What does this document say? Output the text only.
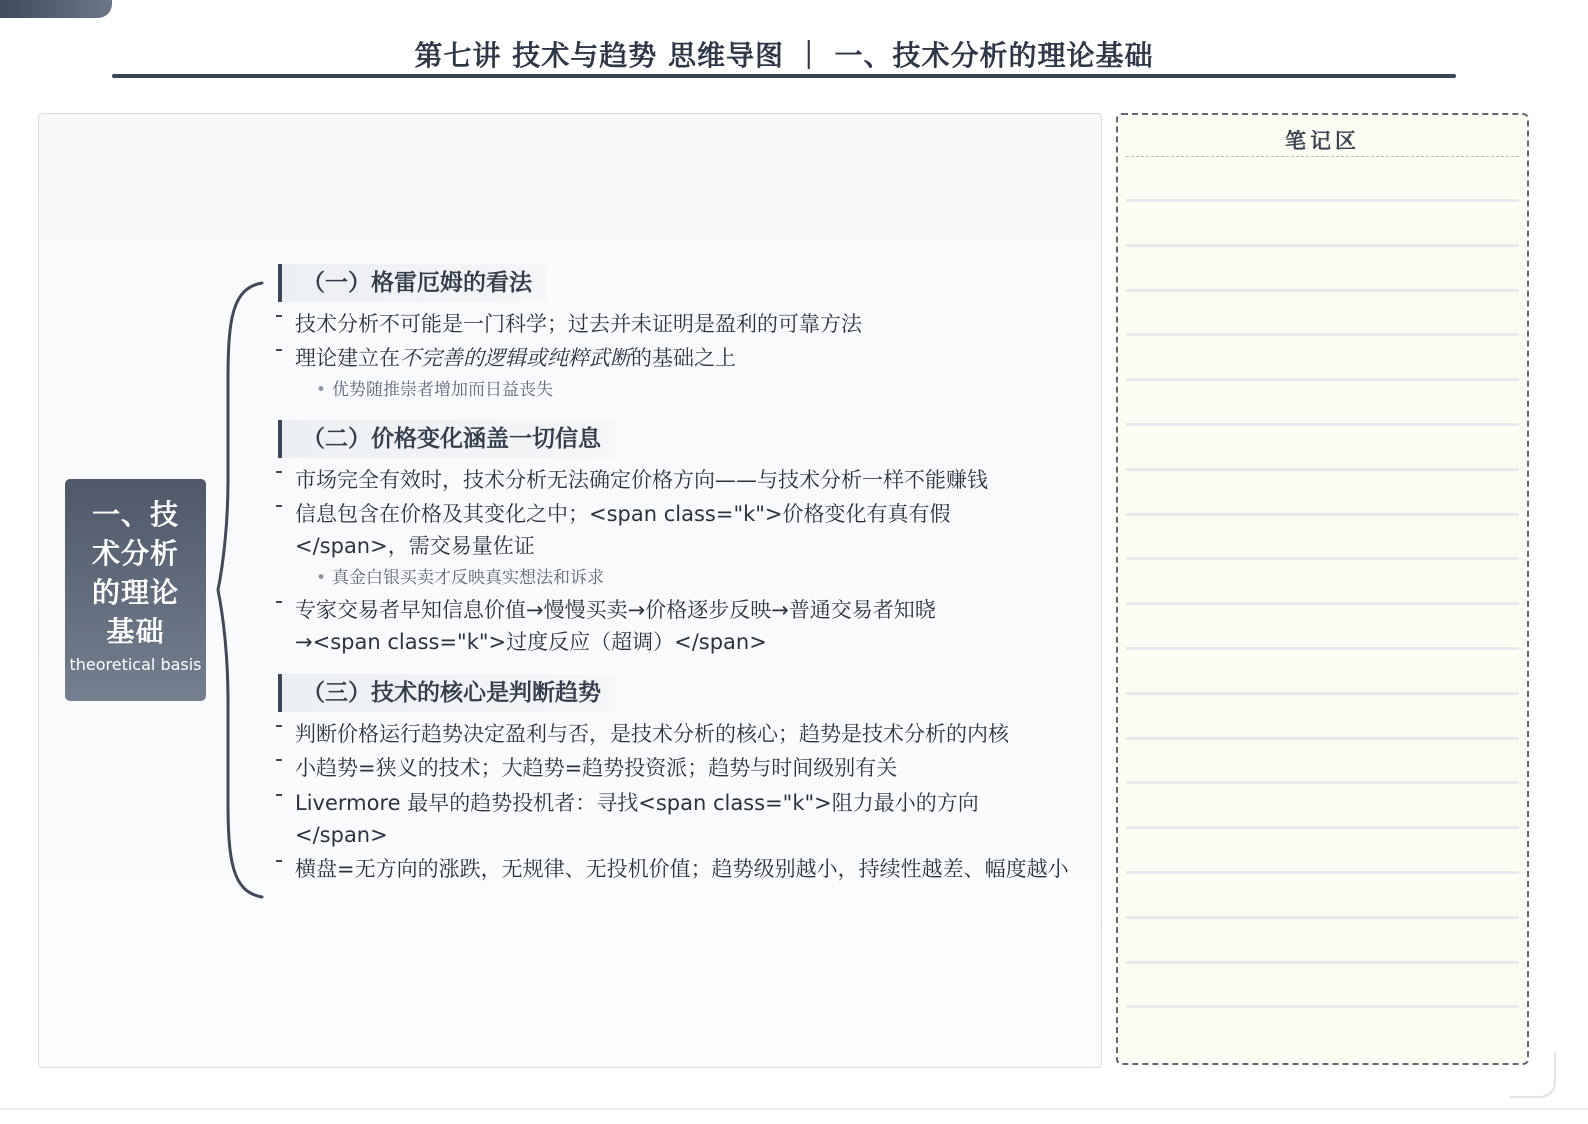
第七讲 技术与趋势 思维导图 ｜ 一、技术分析的理论基础
一、技术分析的理论基础
theoretical basis
（一）格雷厄姆的看法
技术分析不可能是一门科学；过去并未证明是盈利的可靠方法
理论建立在不完善的逻辑或纯粹武断的基础之上
• 优势随推崇者增加而日益丧失
（二）价格变化涵盖一切信息
市场完全有效时，技术分析无法确定价格方向——与技术分析一样不能赚钱
信息包含在价格及其变化之中；<span class="k">价格变化有真有假</span>，需交易量佐证
• 真金白银买卖才反映真实想法和诉求
专家交易者早知信息价值→慢慢买卖→价格逐步反映→普通交易者知晓→<span class="k">过度反应（超调）</span>
（三）技术的核心是判断趋势
判断价格运行趋势决定盈利与否，是技术分析的核心；趋势是技术分析的内核
小趋势=狭义的技术；大趋势=趋势投资派；趋势与时间级别有关
Livermore 最早的趋势投机者：寻找<span class="k">阻力最小的方向</span>
横盘=无方向的涨跌，无规律、无投机价值；趋势级别越小，持续性越差、幅度越小
笔记区
